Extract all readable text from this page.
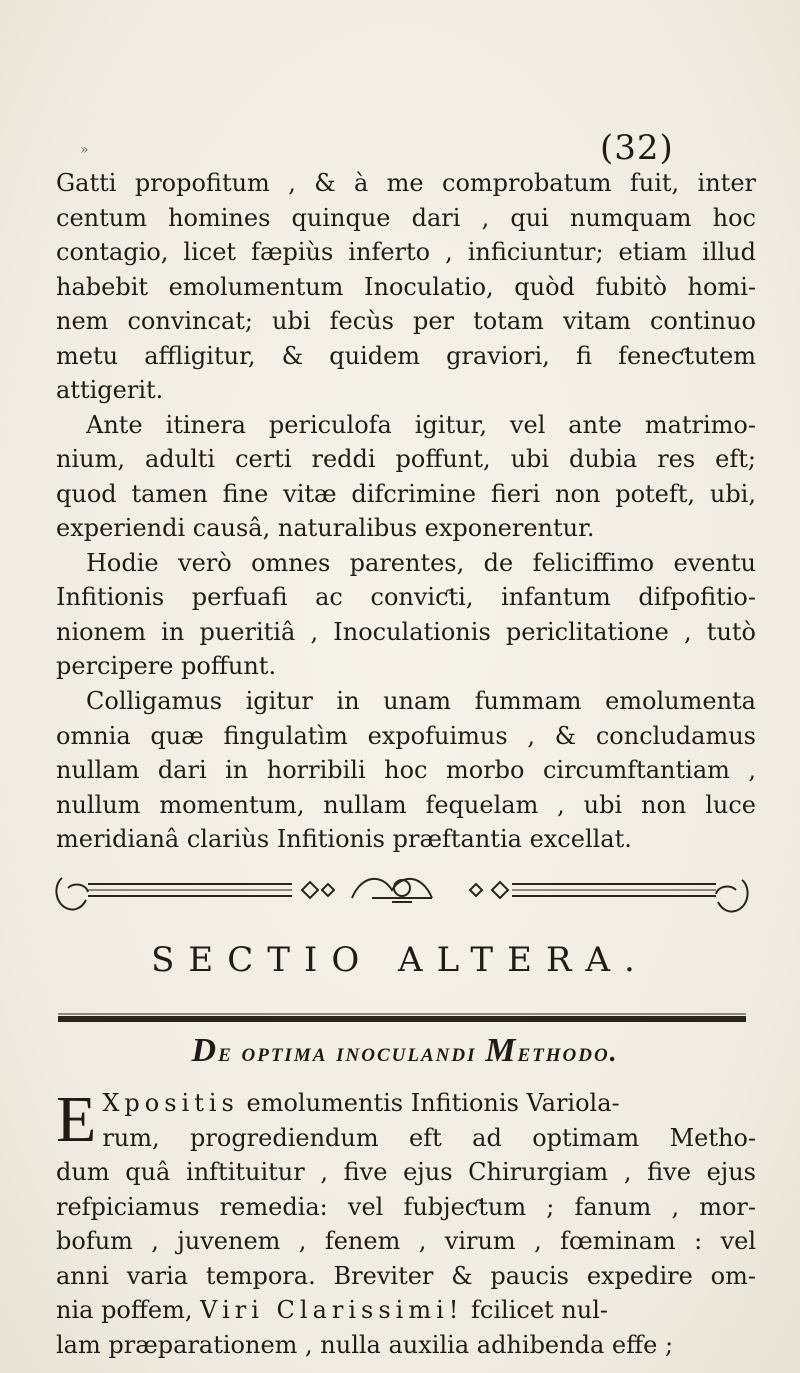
»	(32)
Gatti propofitum , & à me comprobatum fuit, inter
centum homines quinque dari , qui numquam hoc
contagio, licet fæpiùs inferto , inficiuntur; etiam illud
habebit emolumentum Inoculatio, quòd fubitò homi-
nem convincat; ubi fecùs per totam vitam continuo
metu affligitur, & quidem graviori, fi feneƈtutem
attigerit.
Ante itinera periculofa igitur, vel ante matrimo-
nium, adulti certi reddi poffunt, ubi dubia res eft;
quod tamen fine vitæ difcrimine fieri non poteft, ubi,
experiendi causâ, naturalibus exponerentur.
Hodie verò omnes parentes, de feliciffimo eventu
Infitionis perfuafi ac conviƈti, infantum difpofitio-
nionem in pueritiâ , Inoculationis periclitatione , tutò
percipere poffunt.
Colligamus igitur in unam fummam emolumenta
omnia quæ fingulatìm expofuimus , & concludamus
nullam dari in horribili hoc morbo circumftantiam ,
nullum momentum, nullam fequelam , ubi non luce
meridianâ clariùs Infitionis præftantia excellat.
SECTIO ALTERA.
De optima inoculandi Methodo.
E Xpositis emolumentis Infitionis Variola-
rum, progrediendum eft ad optimam Metho-
dum quâ inftituitur , five ejus Chirurgiam , five ejus
refpiciamus remedia: vel fubjeƈtum ; fanum , mor-
bofum , juvenem , fenem , virum , fœminam : vel
anni varia tempora. Breviter & paucis expedire om-
nia poffem, Viri Clarissimi! fcilicet nul-
lam præparationem , nulla auxilia adhibenda effe ;
